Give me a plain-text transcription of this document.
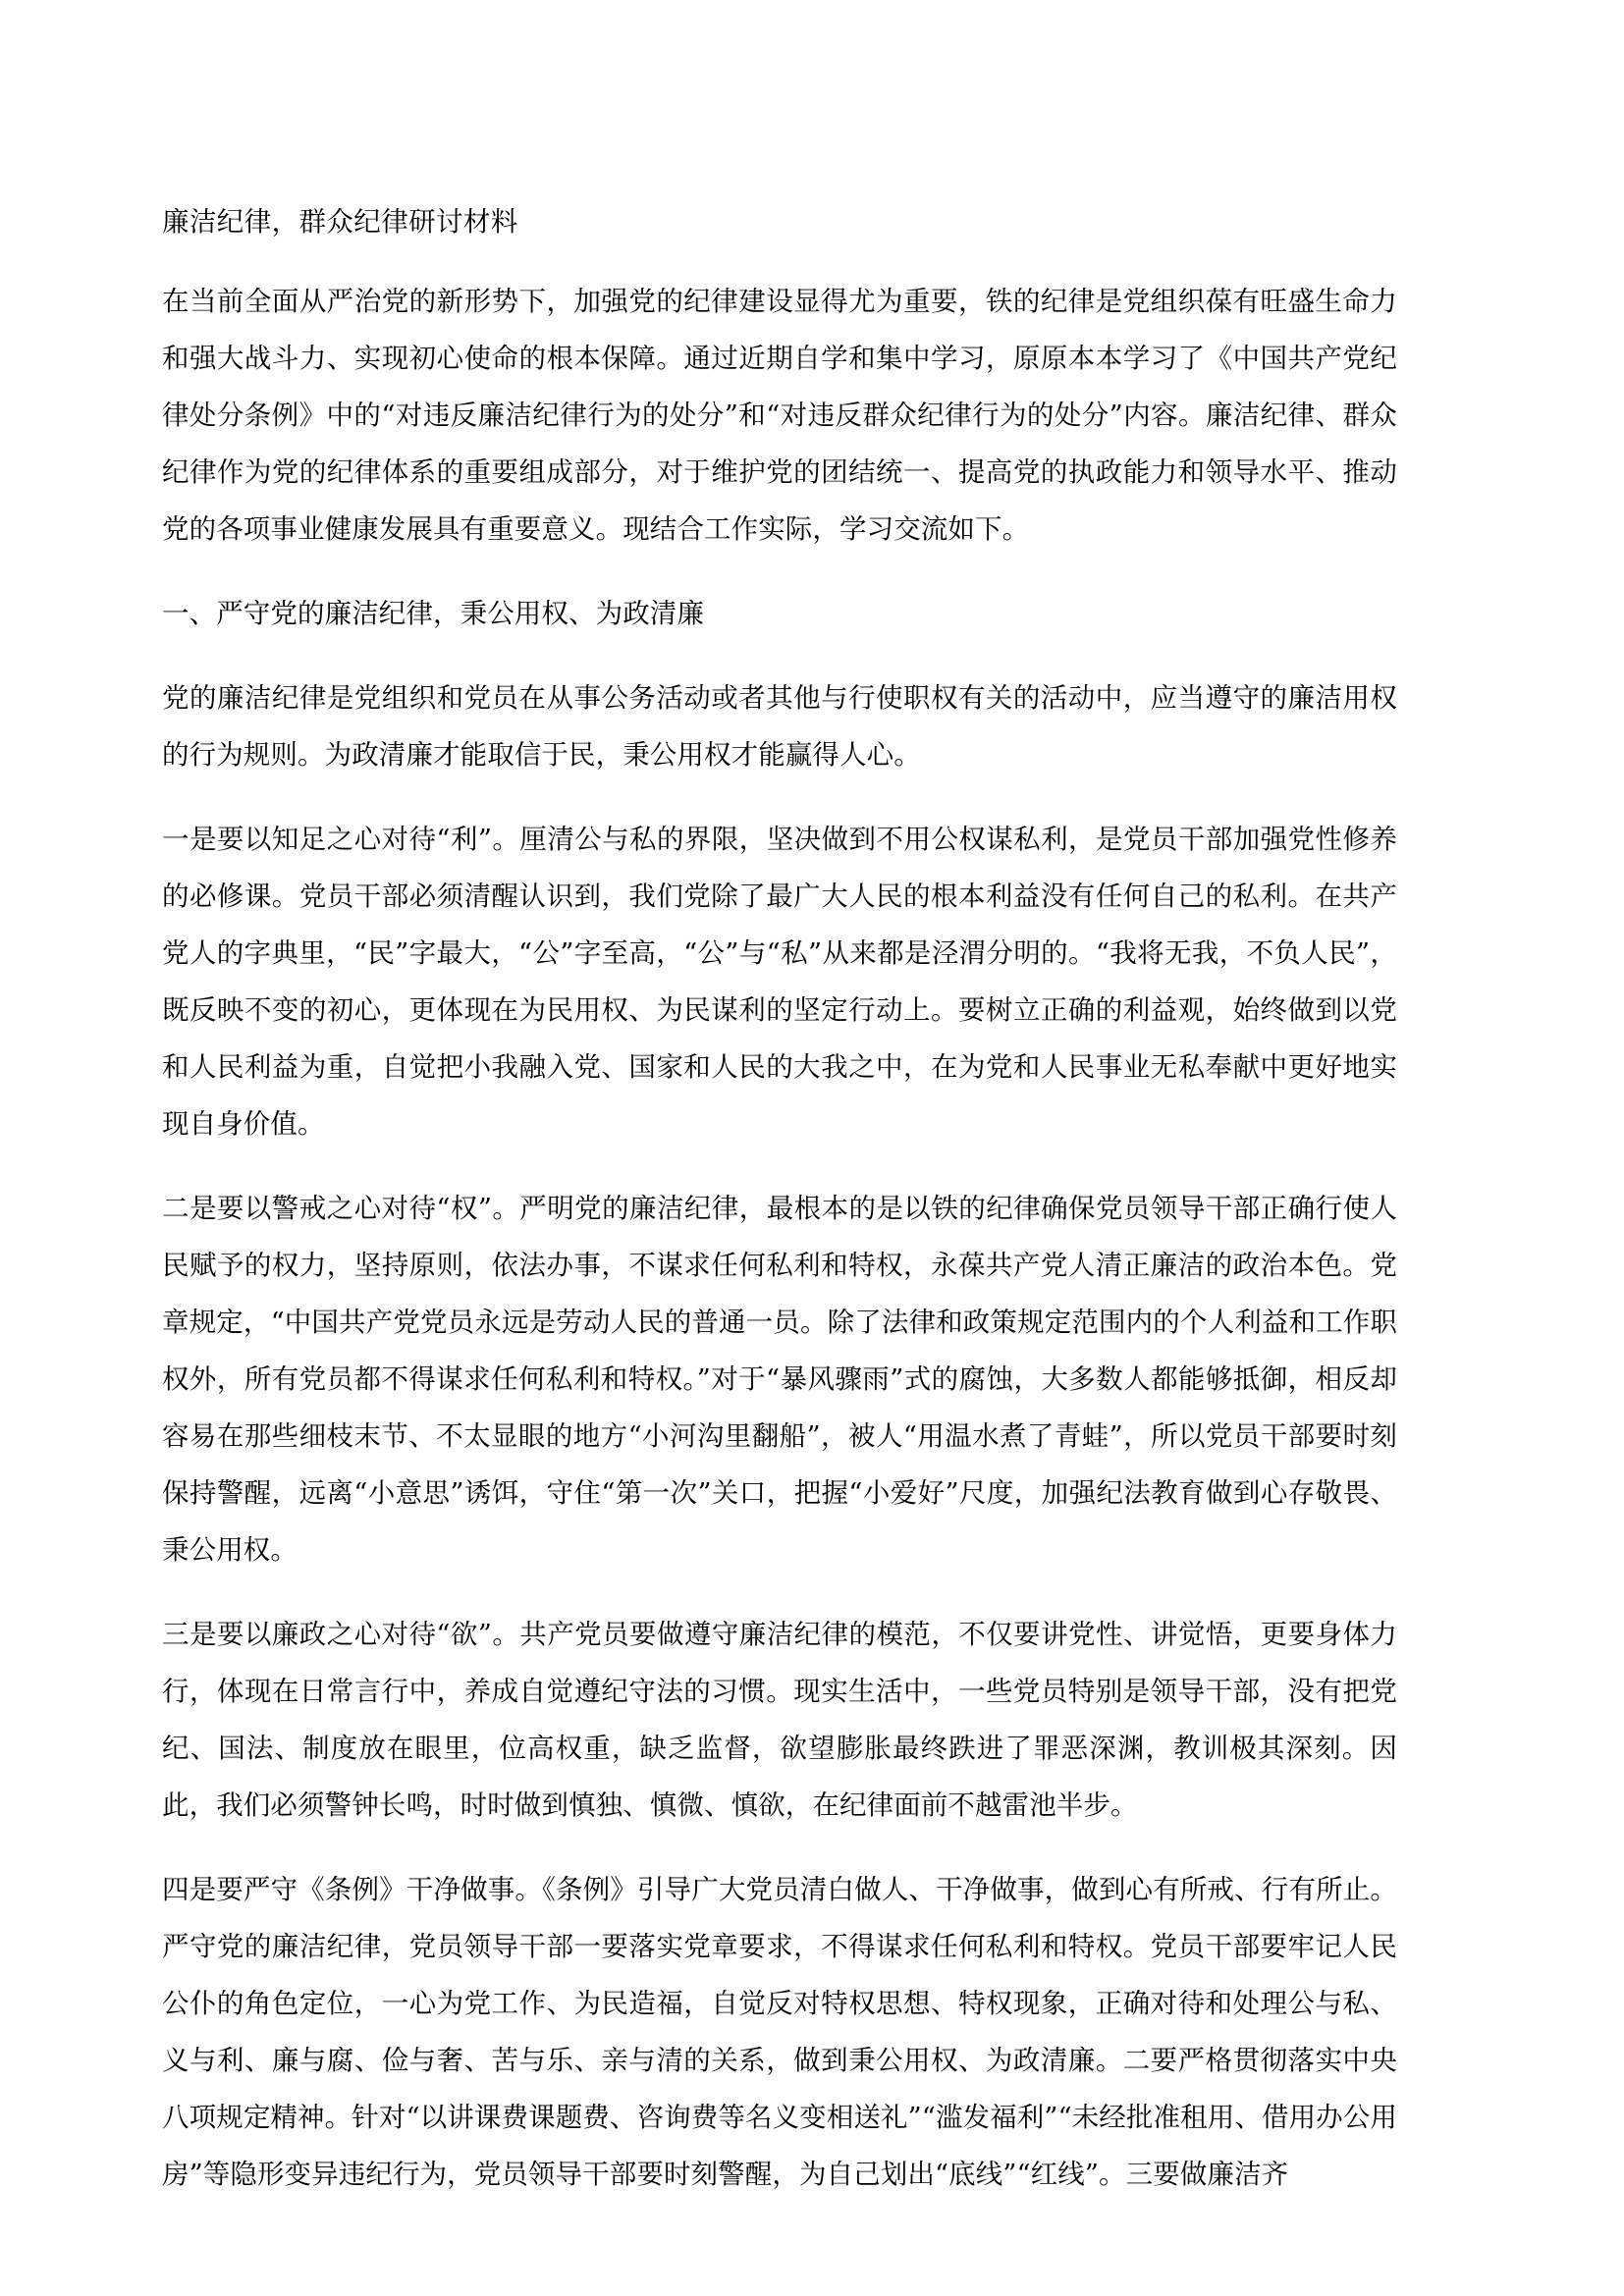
廉洁纪律，群众纪律研讨材料

在当前全面从严治党的新形势下，加强党的纪律建设显得尤为重要，铁的纪律是党组织葆有旺盛生命力和强大战斗力、实现初心使命的根本保障。通过近期自学和集中学习，原原本本学习了《中国共产党纪律处分条例》中的“对违反廉洁纪律行为的处分”和“对违反群众纪律行为的处分”内容。廉洁纪律、群众纪律作为党的纪律体系的重要组成部分，对于维护党的团结统一、提高党的执政能力和领导水平、推动党的各项事业健康发展具有重要意义。现结合工作实际，学习交流如下。

一、严守党的廉洁纪律，秉公用权、为政清廉

党的廉洁纪律是党组织和党员在从事公务活动或者其他与行使职权有关的活动中，应当遵守的廉洁用权的行为规则。为政清廉才能取信于民，秉公用权才能赢得人心。

一是要以知足之心对待“利”。厘清公与私的界限，坚决做到不用公权谋私利，是党员干部加强党性修养的必修课。党员干部必须清醒认识到，我们党除了最广大人民的根本利益没有任何自己的私利。在共产党人的字典里，“民”字最大，“公”字至高，“公”与“私”从来都是泾渭分明的。“我将无我，不负人民”，既反映不变的初心，更体现在为民用权、为民谋利的坚定行动上。要树立正确的利益观，始终做到以党和人民利益为重，自觉把小我融入党、国家和人民的大我之中，在为党和人民事业无私奉献中更好地实现自身价值。

二是要以警戒之心对待“权”。严明党的廉洁纪律，最根本的是以铁的纪律确保党员领导干部正确行使人民赋予的权力，坚持原则，依法办事，不谋求任何私利和特权，永葆共产党人清正廉洁的政治本色。党章规定，“中国共产党党员永远是劳动人民的普通一员。除了法律和政策规定范围内的个人利益和工作职权外，所有党员都不得谋求任何私利和特权。”对于“暴风骤雨”式的腐蚀，大多数人都能够抵御，相反却容易在那些细枝末节、不太显眼的地方“小河沟里翻船”，被人“用温水煮了青蛙”，所以党员干部要时刻保持警醒，远离“小意思”诱饵，守住“第一次”关口，把握“小爱好”尺度，加强纪法教育做到心存敬畏、秉公用权。

三是要以廉政之心对待“欲”。共产党员要做遵守廉洁纪律的模范，不仅要讲党性、讲觉悟，更要身体力行，体现在日常言行中，养成自觉遵纪守法的习惯。现实生活中，一些党员特别是领导干部，没有把党纪、国法、制度放在眼里，位高权重，缺乏监督，欲望膨胀最终跌进了罪恶深渊，教训极其深刻。因此，我们必须警钟长鸣，时时做到慎独、慎微、慎欲，在纪律面前不越雷池半步。

四是要严守《条例》干净做事。《条例》引导广大党员清白做人、干净做事，做到心有所戒、行有所止。严守党的廉洁纪律，党员领导干部一要落实党章要求，不得谋求任何私利和特权。党员干部要牢记人民公仆的角色定位，一心为党工作、为民造福，自觉反对特权思想、特权现象，正确对待和处理公与私、义与利、廉与腐、俭与奢、苦与乐、亲与清的关系，做到秉公用权、为政清廉。二要严格贯彻落实中央八项规定精神。针对“以讲课费课题费、咨询费等名义变相送礼”“滥发福利”“未经批准租用、借用办公用房”等隐形变异违纪行为，党员领导干部要时刻警醒，为自己划出“底线”“红线”。三要做廉洁齐
